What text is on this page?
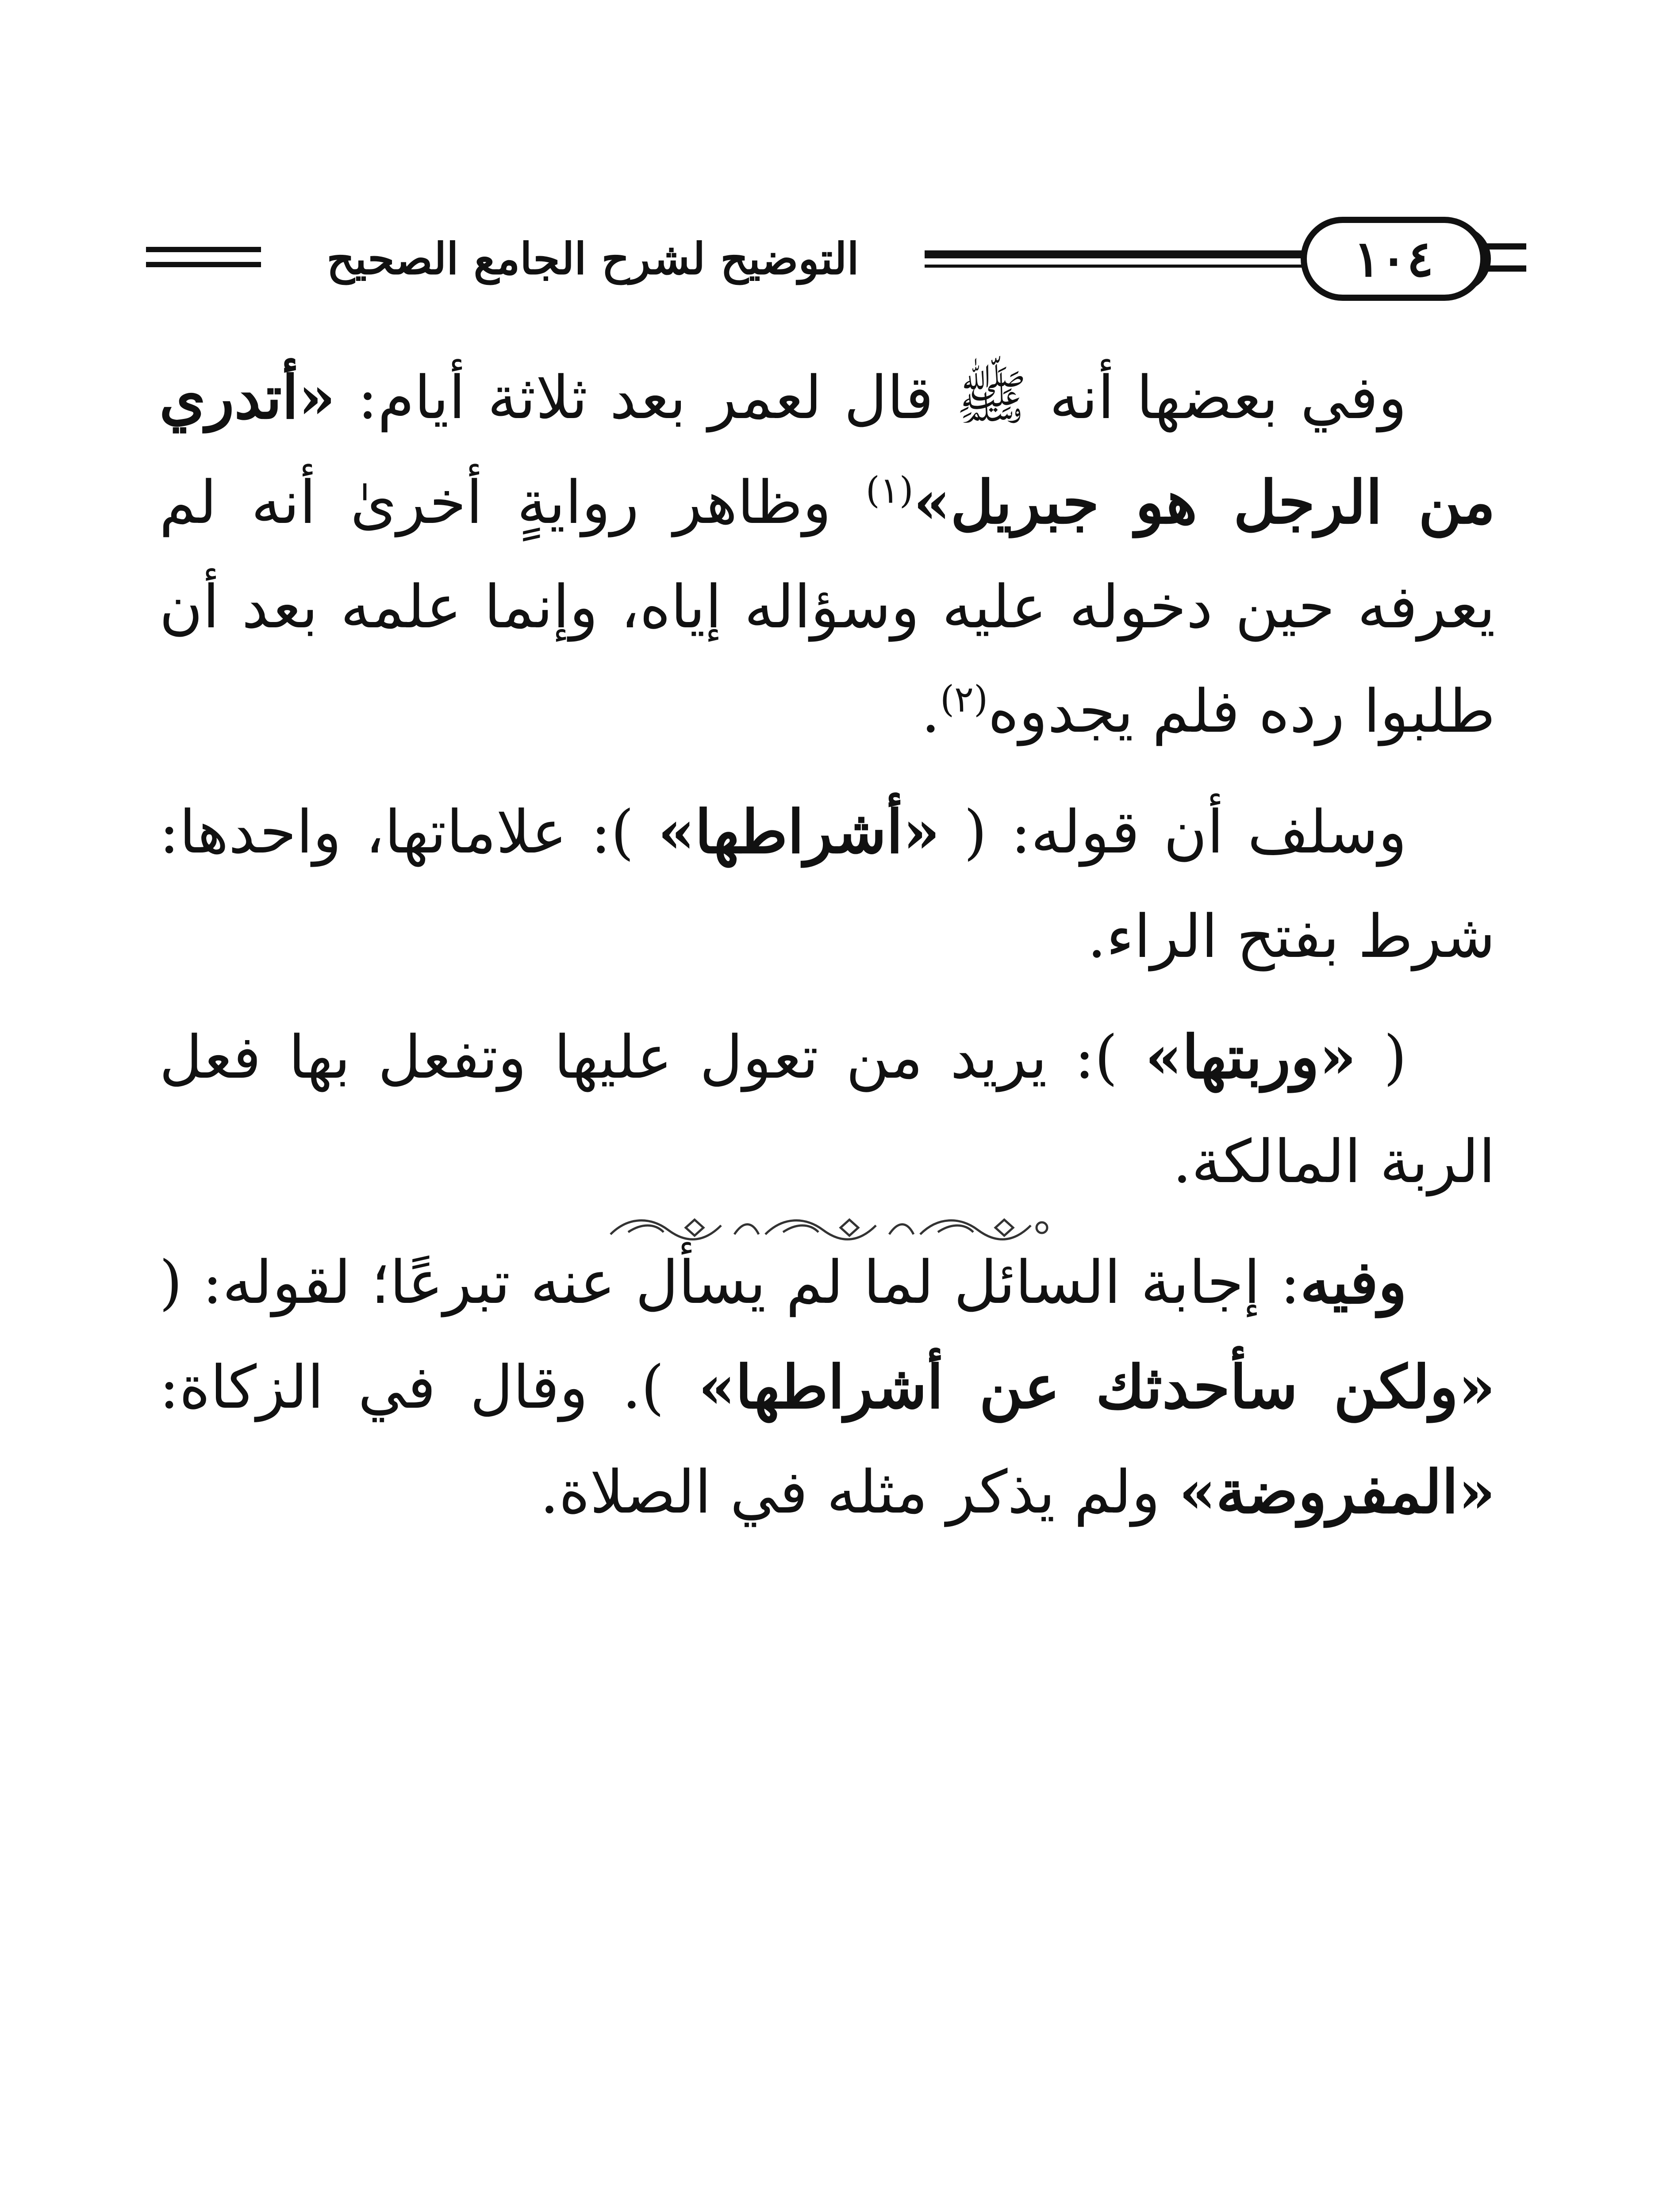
التوضيح لشرح الجامع الصحيح	١٠٤

وفي بعضها أنه ﷺ قال لعمر بعد ثلاثة أيام: «أتدري من الرجل هو جبريل»$^{(١)}$ وظاهر روايةٍ أخرىٰ أنه لم يعرفه حين دخوله عليه وسؤاله إياه، وإنما علمه بعد أن طلبوا رده فلم يجدوه$^{(٢)}$.

وسلف أن قوله: ( «أشراطها» ): علاماتها، واحدها: شرط بفتح الراء.

( «وربتها» ): يريد من تعول عليها وتفعل بها فعل الربة المالكة.

وفيه: إجابة السائل لما لم يسأل عنه تبرعًا؛ لقوله: ( «ولكن سأحدثك عن أشراطها» ). وقال في الزكاة: «المفروضة» ولم يذكر مثله في الصلاة.
